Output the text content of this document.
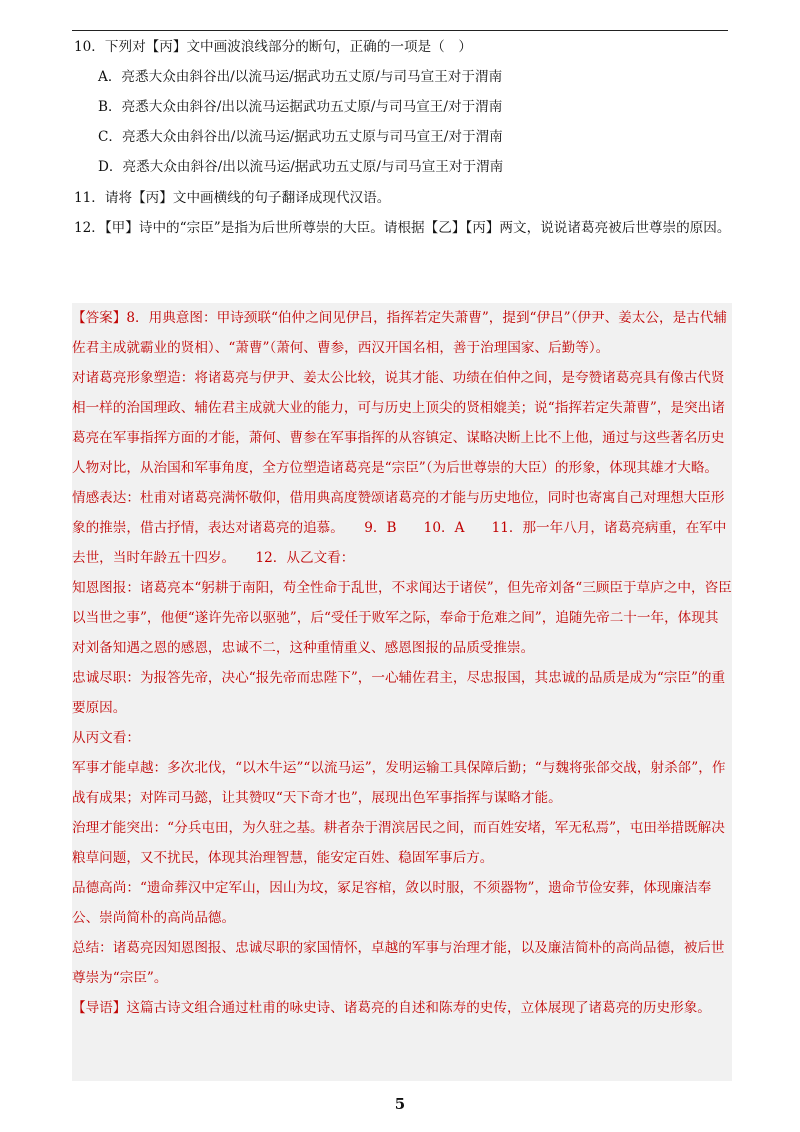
10．下列对【丙】文中画波浪线部分的断句，正确的一项是（　）

A．亮悉大众由斜谷出/以流马运/据武功五丈原/与司马宣王对于渭南

B．亮悉大众由斜谷/出以流马运据武功五丈原/与司马宣王/对于渭南

C．亮悉大众由斜谷出/以流马运/据武功五丈原与司马宣王/对于渭南

D．亮悉大众由斜谷/出以流马运/据武功五丈原/与司马宣王对于渭南

11．请将【丙】文中画横线的句子翻译成现代汉语。

12．【甲】诗中的“宗臣”是指为后世所尊崇的大臣。请根据【乙】【丙】两文，说说诸葛亮被后世尊崇的原因。

【答案】8．用典意图：甲诗颈联“伯仲之间见伊吕，指挥若定失萧曹”，提到“伊吕”（伊尹、姜太公，是古代辅佐君主成就霸业的贤相）、“萧曹”（萧何、曹参，西汉开国名相，善于治理国家、后勤等）。

对诸葛亮形象塑造：将诸葛亮与伊尹、姜太公比较，说其才能、功绩在伯仲之间，是夸赞诸葛亮具有像古代贤相一样的治国理政、辅佐君主成就大业的能力，可与历史上顶尖的贤相媲美；说“指挥若定失萧曹”，是突出诸葛亮在军事指挥方面的才能，萧何、曹参在军事指挥的从容镇定、谋略决断上比不上他，通过与这些著名历史人物对比，从治国和军事角度，全方位塑造诸葛亮是“宗臣”（为后世尊崇的大臣）的形象，体现其雄才大略。

情感表达：杜甫对诸葛亮满怀敬仰，借用典高度赞颂诸葛亮的才能与历史地位，同时也寄寓自己对理想大臣形象的推崇，借古抒情，表达对诸葛亮的追慕。　　9．B　　10．A　　11．那一年八月，诸葛亮病重，在军中去世，当时年龄五十四岁。　　12．从乙文看：

知恩图报：诸葛亮本“躬耕于南阳，苟全性命于乱世，不求闻达于诸侯”，但先帝刘备“三顾臣于草庐之中，咨臣以当世之事”，他便“遂许先帝以驱驰”，后“受任于败军之际，奉命于危难之间”，追随先帝二十一年，体现其对刘备知遇之恩的感恩，忠诚不二，这种重情重义、感恩图报的品质受推崇。

忠诚尽职：为报答先帝，决心“报先帝而忠陛下”，一心辅佐君主，尽忠报国，其忠诚的品质是成为“宗臣”的重要原因。

从丙文看：

军事才能卓越：多次北伐，“以木牛运”“以流马运”，发明运输工具保障后勤；“与魏将张郃交战，射杀郃”，作战有成果；对阵司马懿，让其赞叹“天下奇才也”，展现出色军事指挥与谋略才能。

治理才能突出：“分兵屯田，为久驻之基。耕者杂于渭滨居民之间，而百姓安堵，军无私焉”，屯田举措既解决粮草问题，又不扰民，体现其治理智慧，能安定百姓、稳固军事后方。

品德高尚：“遗命葬汉中定军山，因山为坟，冢足容棺，敛以时服，不须器物”，遗命节俭安葬，体现廉洁奉公、崇尚简朴的高尚品德。

总结：诸葛亮因知恩图报、忠诚尽职的家国情怀，卓越的军事与治理才能，以及廉洁简朴的高尚品德，被后世尊崇为“宗臣”。

【导语】这篇古诗文组合通过杜甫的咏史诗、诸葛亮的自述和陈寿的史传，立体展现了诸葛亮的历史形象。

5
